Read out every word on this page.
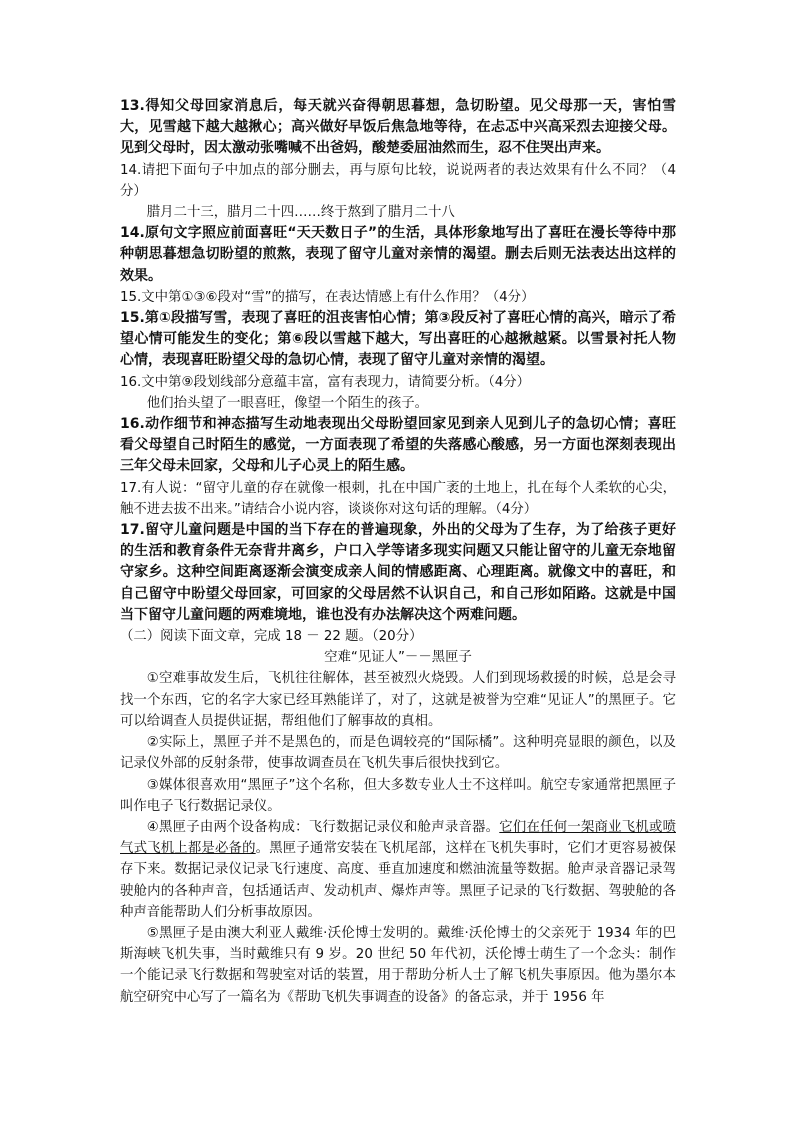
13.得知父母回家消息后，每天就兴奋得朝思暮想，急切盼望。见父母那一天，害怕雪大，见雪越下越大越揪心；高兴做好早饭后焦急地等待，在忐忑中兴高采烈去迎接父母。见到父母时，因太激动张嘴喊不出爸妈，酸楚委屈油然而生，忍不住哭出声来。

14.请把下面句子中加点的部分删去，再与原句比较，说说两者的表达效果有什么不同？（4分）

腊月二十三，腊月二十四……终于熬到了腊月二十八

14.原句文字照应前面喜旺“天天数日子”的生活，具体形象地写出了喜旺在漫长等待中那种朝思暮想急切盼望的煎熬，表现了留守儿童对亲情的渴望。删去后则无法表达出这样的效果。

15.文中第①③⑥段对“雪”的描写，在表达情感上有什么作用？（4分）

15.第①段描写雪，表现了喜旺的沮丧害怕心情；第③段反衬了喜旺心情的高兴，暗示了希望心情可能发生的变化；第⑥段以雪越下越大，写出喜旺的心越揪越紧。以雪景衬托人物心情，表现喜旺盼望父母的急切心情，表现了留守儿童对亲情的渴望。

16.文中第⑨段划线部分意蕴丰富，富有表现力，请简要分析。（4分）

他们抬头望了一眼喜旺，像望一个陌生的孩子。

16.动作细节和神态描写生动地表现出父母盼望回家见到亲人见到儿子的急切心情；喜旺看父母望自己时陌生的感觉，一方面表现了希望的失落感心酸感，另一方面也深刻表现出三年父母未回家，父母和儿子心灵上的陌生感。

17.有人说：“留守儿童的存在就像一根刺，扎在中国广袤的土地上，扎在每个人柔软的心尖，触不进去拔不出来。”请结合小说内容，谈谈你对这句话的理解。（4分）

17.留守儿童问题是中国的当下存在的普遍现象，外出的父母为了生存，为了给孩子更好的生活和教育条件无奈背井离乡，户口入学等诸多现实问题又只能让留守的儿童无奈地留守家乡。这种空间距离逐渐会演变成亲人间的情感距离、心理距离。就像文中的喜旺，和自己留守中盼望父母回家，可回家的父母居然不认识自己，和自己形如陌路。这就是中国当下留守儿童问题的两难境地，谁也没有办法解决这个两难问题。

（二）阅读下面文章，完成 18 － 22 题。（20分）

空难“见证人”－－黑匣子

①空难事故发生后，飞机往往解体，甚至被烈火烧毁。人们到现场救援的时候，总是会寻找一个东西，它的名字大家已经耳熟能详了，对了，这就是被誉为空难“见证人”的黑匣子。它可以给调查人员提供证据，帮组他们了解事故的真相。

②实际上，黑匣子并不是黑色的，而是色调较亮的“国际橘”。这种明亮显眼的颜色，以及记录仪外部的反射条带，使事故调查员在飞机失事后很快找到它。

③媒体很喜欢用“黑匣子”这个名称，但大多数专业人士不这样叫。航空专家通常把黑匣子叫作电子飞行数据记录仪。

④黑匣子由两个设备构成：飞行数据记录仪和舱声录音器。它们在任何一架商业飞机或喷气式飞机上都是必备的。黑匣子通常安装在飞机尾部，这样在飞机失事时，它们才更容易被保存下来。数据记录仪记录飞行速度、高度、垂直加速度和燃油流量等数据。舱声录音器记录驾驶舱内的各种声音，包括通话声、发动机声、爆炸声等。黑匣子记录的飞行数据、驾驶舱的各种声音能帮助人们分析事故原因。

⑤黑匣子是由澳大利亚人戴维·沃伦博士发明的。戴维·沃伦博士的父亲死于 1934 年的巴斯海峡飞机失事，当时戴维只有 9 岁。20 世纪 50 年代初，沃伦博士萌生了一个念头：制作一个能记录飞行数据和驾驶室对话的装置，用于帮助分析人士了解飞机失事原因。他为墨尔本航空研究中心写了一篇名为《帮助飞机失事调查的设备》的备忘录，并于 1956 年
